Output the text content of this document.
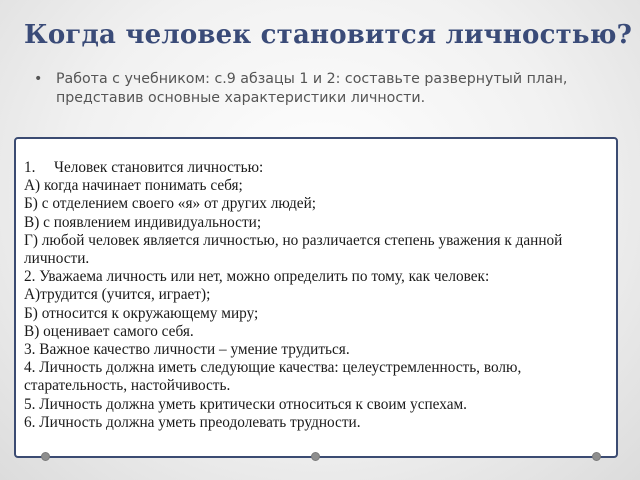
Когда человек становится личностью?
• Работа с учебником: с.9 абзацы 1 и 2: составьте развернутый план, представив основные характеристики личности.

1.	Человек становится личностью:

А) когда начинает понимать себя;

Б) с отделением своего «я» от других людей;

В) с появлением индивидуальности;

Г) любой человек является личностью, но различается степень уважения к данной личности.

2. Уважаема личность или нет, можно определить по тому, как человек:

А)трудится (учится, играет);

Б) относится к окружающему миру;

В) оценивает самого себя.

3. Важное качество личности – умение трудиться.

4. Личность должна иметь следующие качества: целеустремленность, волю, старательность, настойчивость.

5. Личность должна уметь критически относиться к своим успехам.

6. Личность должна уметь преодолевать трудности.
